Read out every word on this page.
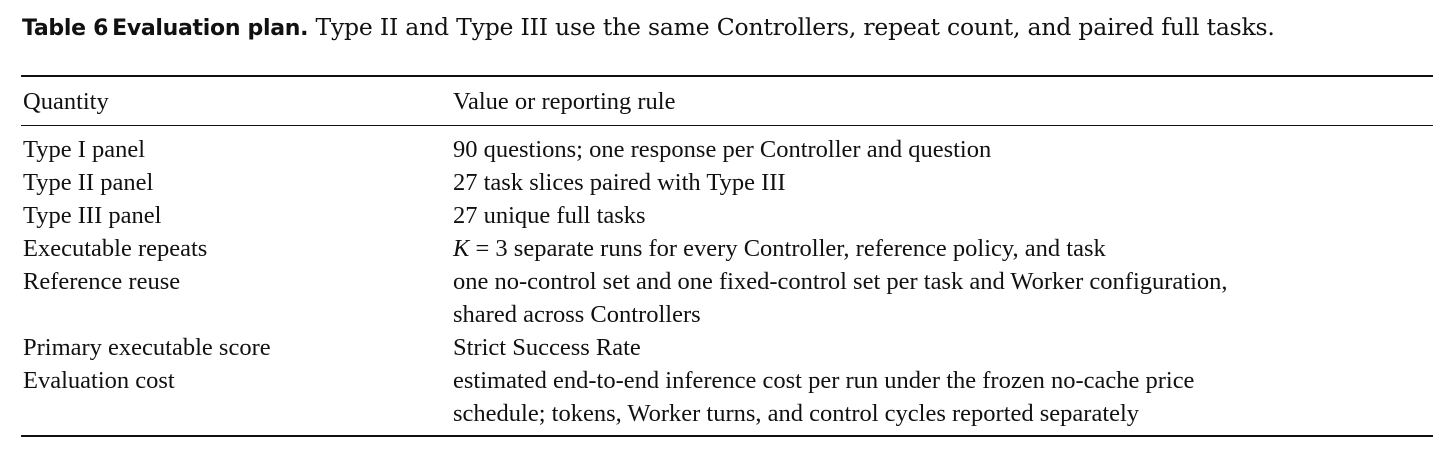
Table 6 Evaluation plan. Type II and Type III use the same Controllers, repeat count, and paired full tasks.
Quantity	Value or reporting rule
Type I panel	90 questions; one response per Controller and question
Type II panel	27 task slices paired with Type III
Type III panel	27 unique full tasks
Executable repeats	K = 3 separate runs for every Controller, reference policy, and task
Reference reuse	one no-control set and one fixed-control set per task and Worker configuration,
shared across Controllers
Primary executable score	Strict Success Rate
Evaluation cost	estimated end-to-end inference cost per run under the frozen no-cache price
schedule; tokens, Worker turns, and control cycles reported separately
